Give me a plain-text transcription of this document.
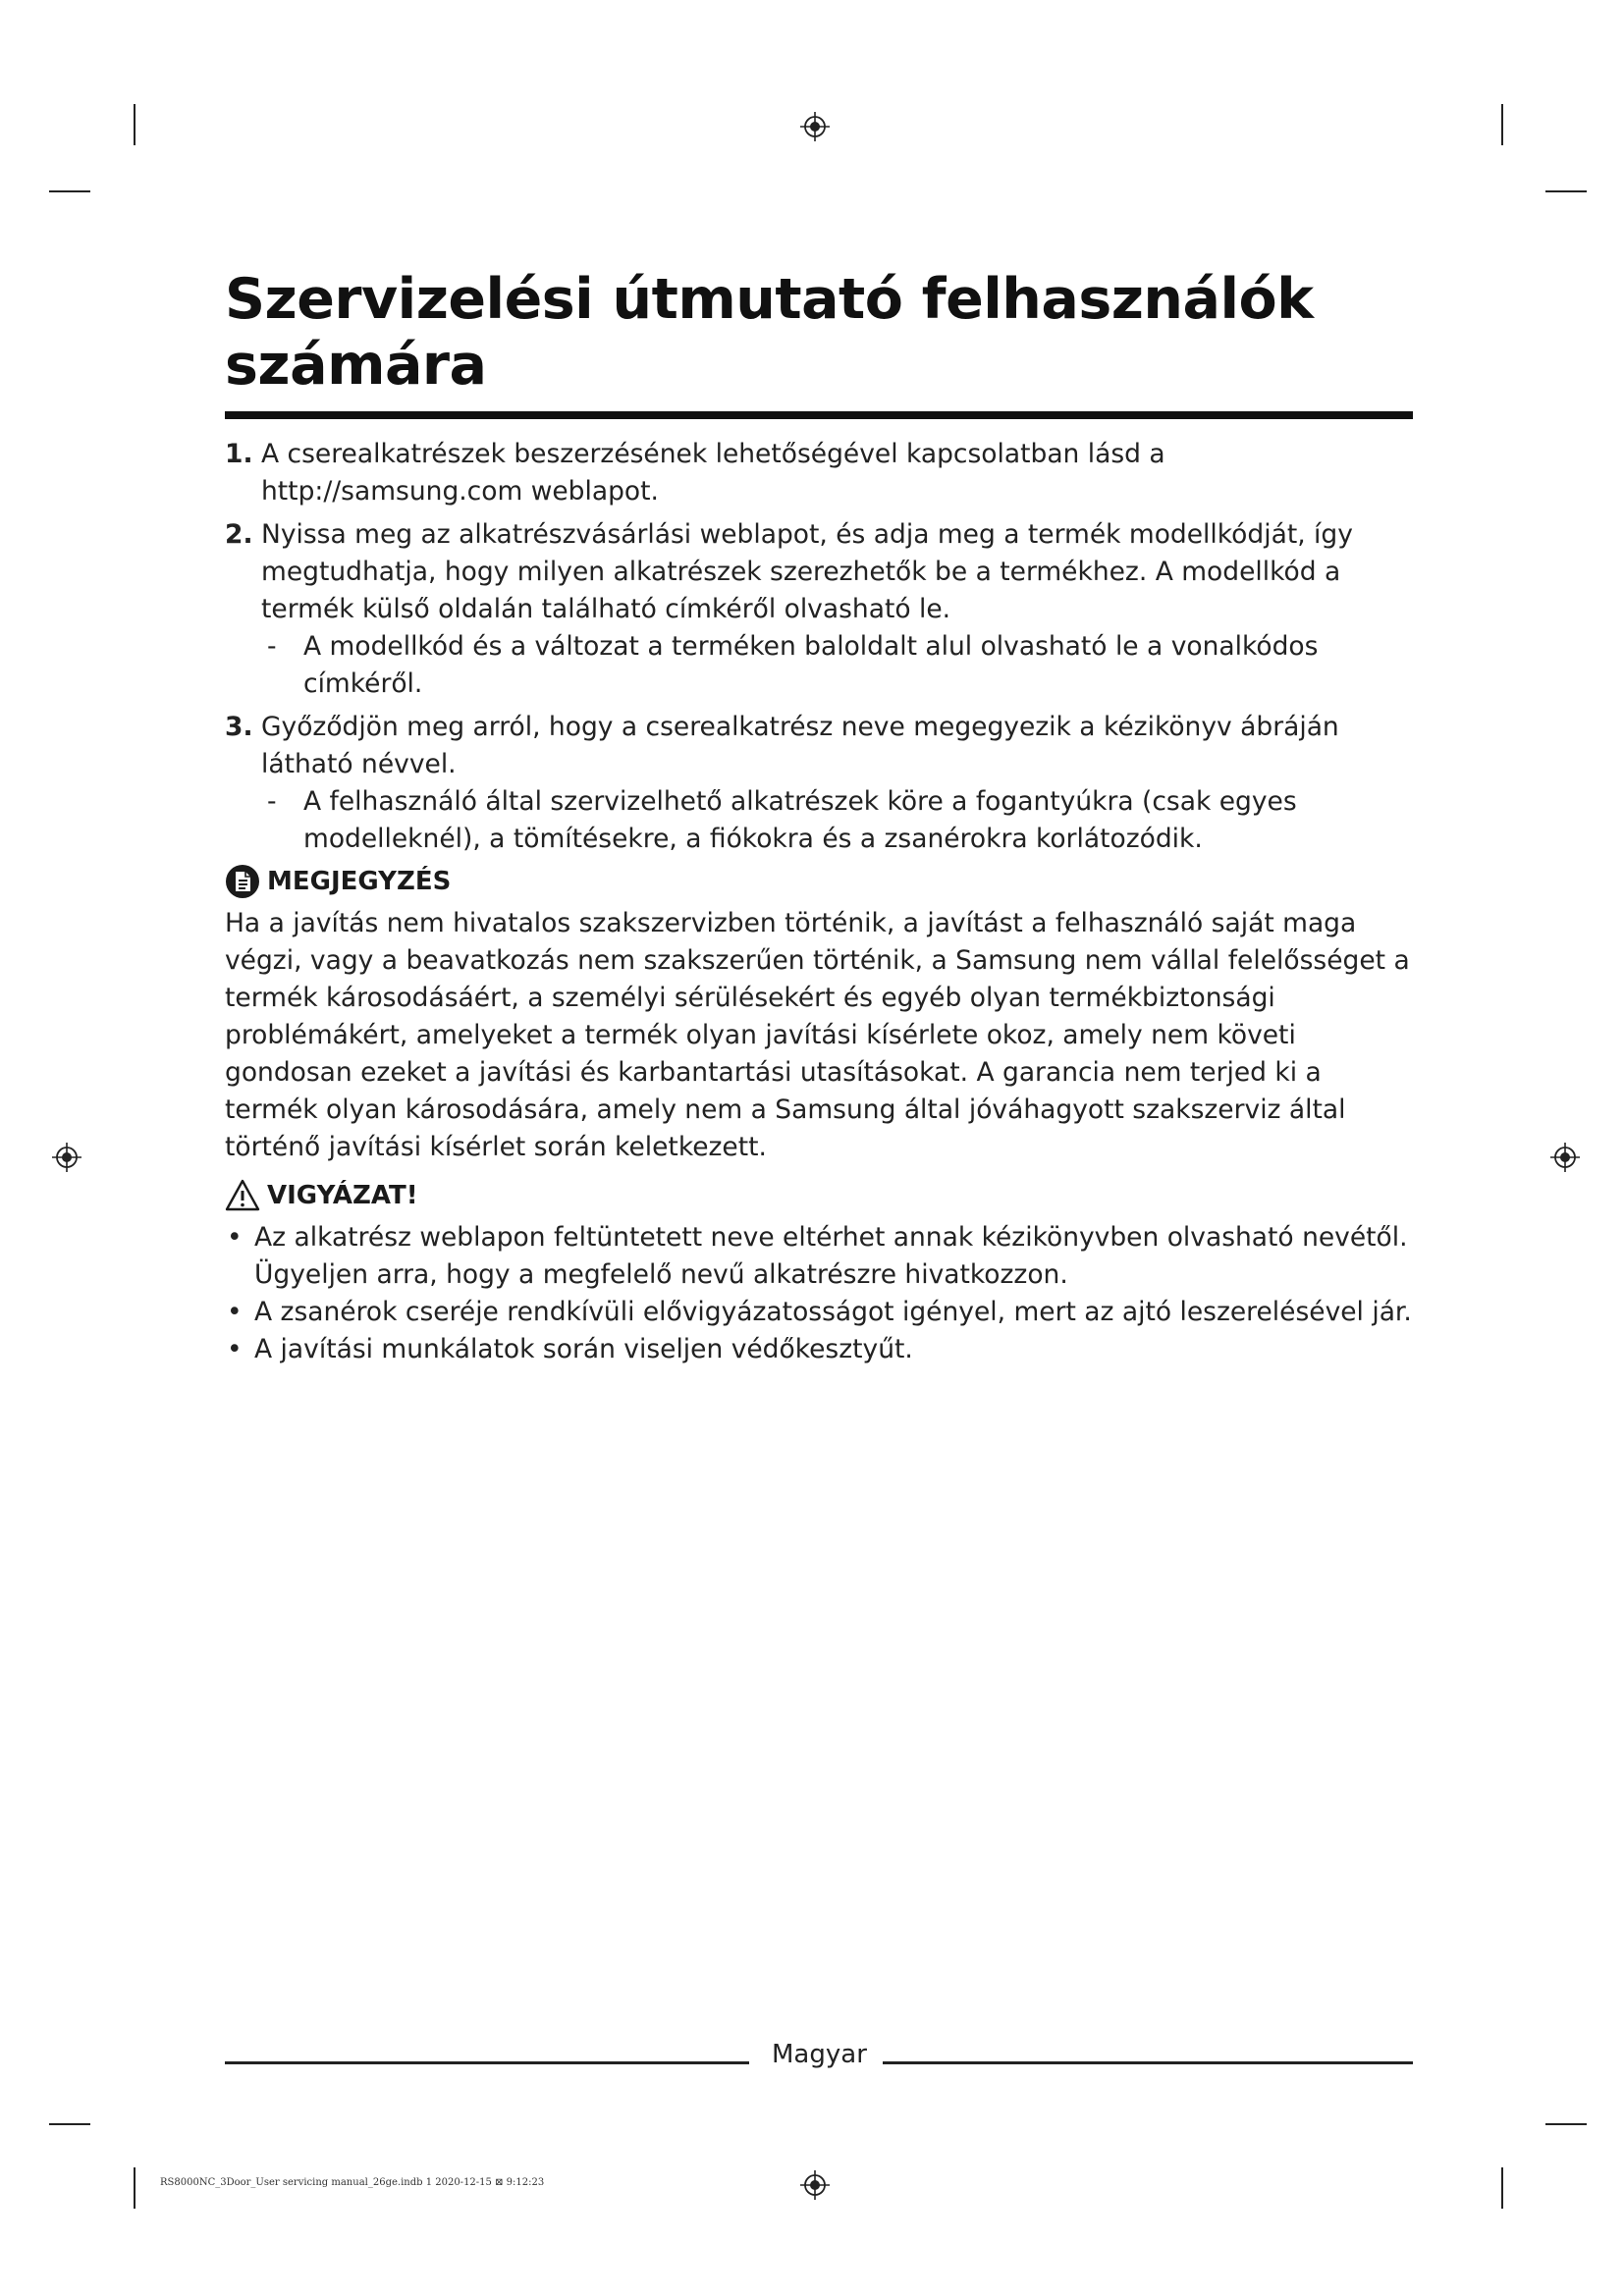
Szervizelési útmutató felhasználók számára
1. A cserealkatrészek beszerzésének lehetőségével kapcsolatban lásd a http://samsung.com weblapot.
2. Nyissa meg az alkatrészvásárlási weblapot, és adja meg a termék modellkódját, így megtudhatja, hogy milyen alkatrészek szerezhetők be a termékhez. A modellkód a termék külső oldalán található címkéről olvasható le.
- A modellkód és a változat a terméken baloldalt alul olvasható le a vonalkódos címkéről.
3. Győződjön meg arról, hogy a cserealkatrész neve megegyezik a kézikönyv ábráján látható névvel.
- A felhasználó által szervizelhető alkatrészek köre a fogantyúkra (csak egyes modelleknél), a tömítésekre, a fiókokra és a zsanérokra korlátozódik.
MEGJEGYZÉS

Ha a javítás nem hivatalos szakszervizben történik, a javítást a felhasználó saját maga végzi, vagy a beavatkozás nem szakszerűen történik, a Samsung nem vállal felelősséget a termék károsodásáért, a személyi sérülésekért és egyéb olyan termékbiztonsági problémákért, amelyeket a termék olyan javítási kísérlete okoz, amely nem követi gondosan ezeket a javítási és karbantartási utasításokat. A garancia nem terjed ki a termék olyan károsodására, amely nem a Samsung által jóváhagyott szakszerviz által történő javítási kísérlet során keletkezett.

VIGYÁZAT!
• Az alkatrész weblapon feltüntetett neve eltérhet annak kézikönyvben olvasható nevétől. Ügyeljen arra, hogy a megfelelő nevű alkatrészre hivatkozzon.
• A zsanérok cseréje rendkívüli elővigyázatosságot igényel, mert az ajtó leszerelésével jár.
• A javítási munkálatok során viseljen védőkesztyűt.
Magyar
RS8000NC_3Door_User servicing manual_26ge.indb 1 2020-12-15 ⊠ 9:12:23
